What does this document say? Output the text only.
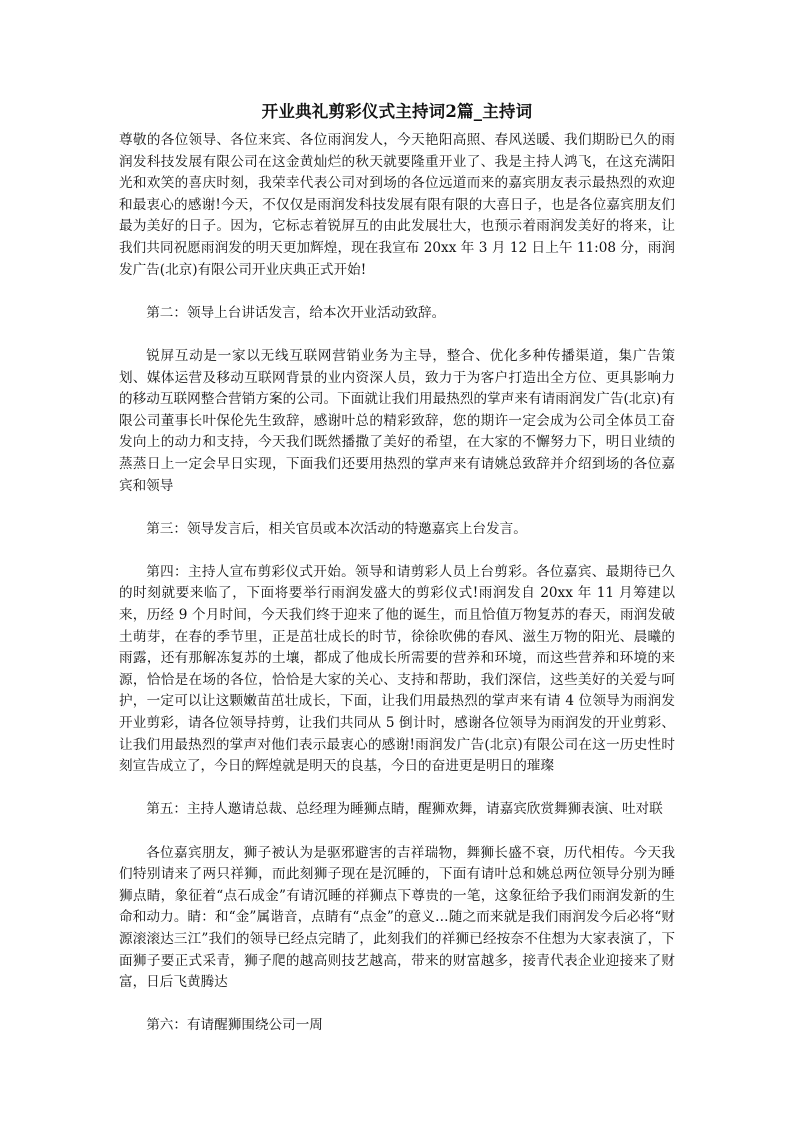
开业典礼剪彩仪式主持词2篇_主持词

尊敬的各位领导、各位来宾、各位雨润发人，今天艳阳高照、春风送暖、我们期盼已久的雨润发科技发展有限公司在这金黄灿烂的秋天就要隆重开业了、我是主持人鸿飞，在这充满阳光和欢笑的喜庆时刻，我荣幸代表公司对到场的各位远道而来的嘉宾朋友表示最热烈的欢迎和最衷心的感谢!今天，不仅仅是雨润发科技发展有限有限的大喜日子，也是各位嘉宾朋友们最为美好的日子。因为，它标志着锐屏互的由此发展壮大，也预示着雨润发美好的将来，让我们共同祝愿雨润发的明天更加辉煌，现在我宣布 20xx 年 3 月 12 日上午 11:08 分，雨润发广告(北京)有限公司开业庆典正式开始!

第二：领导上台讲话发言，给本次开业活动致辞。

锐屏互动是一家以无线互联网营销业务为主导，整合、优化多种传播渠道，集广告策划、媒体运营及移动互联网背景的业内资深人员，致力于为客户打造出全方位、更具影响力的移动互联网整合营销方案的公司。下面就让我们用最热烈的掌声来有请雨润发广告(北京)有限公司董事长叶保伦先生致辞，感谢叶总的精彩致辞，您的期许一定会成为公司全体员工奋发向上的动力和支持，今天我们既然播撒了美好的希望，在大家的不懈努力下，明日业绩的蒸蒸日上一定会早日实现，下面我们还要用热烈的掌声来有请姚总致辞并介绍到场的各位嘉宾和领导

第三：领导发言后，相关官员或本次活动的特邀嘉宾上台发言。

第四：主持人宣布剪彩仪式开始。领导和请剪彩人员上台剪彩。各位嘉宾、最期待已久的时刻就要来临了，下面将要举行雨润发盛大的剪彩仪式!雨润发自 20xx 年 11 月筹建以来，历经 9 个月时间，今天我们终于迎来了他的诞生，而且恰值万物复苏的春天，雨润发破土萌芽，在春的季节里，正是茁壮成长的时节，徐徐吹佛的春风、滋生万物的阳光、晨曦的雨露，还有那解冻复苏的土壤，都成了他成长所需要的营养和环境，而这些营养和环境的来源，恰恰是在场的各位，恰恰是大家的关心、支持和帮助，我们深信，这些美好的关爱与呵护，一定可以让这颗嫩苗茁壮成长，下面，让我们用最热烈的掌声来有请 4 位领导为雨润发开业剪彩，请各位领导持剪，让我们共同从 5 倒计时，感谢各位领导为雨润发的开业剪彩、让我们用最热烈的掌声对他们表示最衷心的感谢!雨润发广告(北京)有限公司在这一历史性时刻宣告成立了，今日的辉煌就是明天的良基，今日的奋进更是明日的璀璨

第五：主持人邀请总裁、总经理为睡狮点睛，醒狮欢舞，请嘉宾欣赏舞狮表演、吐对联

各位嘉宾朋友，狮子被认为是驱邪避害的吉祥瑞物，舞狮长盛不衰，历代相传。今天我们特别请来了两只祥狮，而此刻狮子现在是沉睡的，下面有请叶总和姚总两位领导分别为睡狮点睛，象征着“点石成金”有请沉睡的祥狮点下尊贵的一笔，这象征给予我们雨润发新的生命和动力。睛：和“金”属谐音，点睛有“点金”的意义…随之而来就是我们雨润发今后必将“财源滚滚达三江”我们的领导已经点完睛了，此刻我们的祥狮已经按奈不住想为大家表演了，下面狮子要正式采青，狮子爬的越高则技艺越高，带来的财富越多，接青代表企业迎接来了财富，日后飞黄腾达

第六：有请醒狮围绕公司一周
